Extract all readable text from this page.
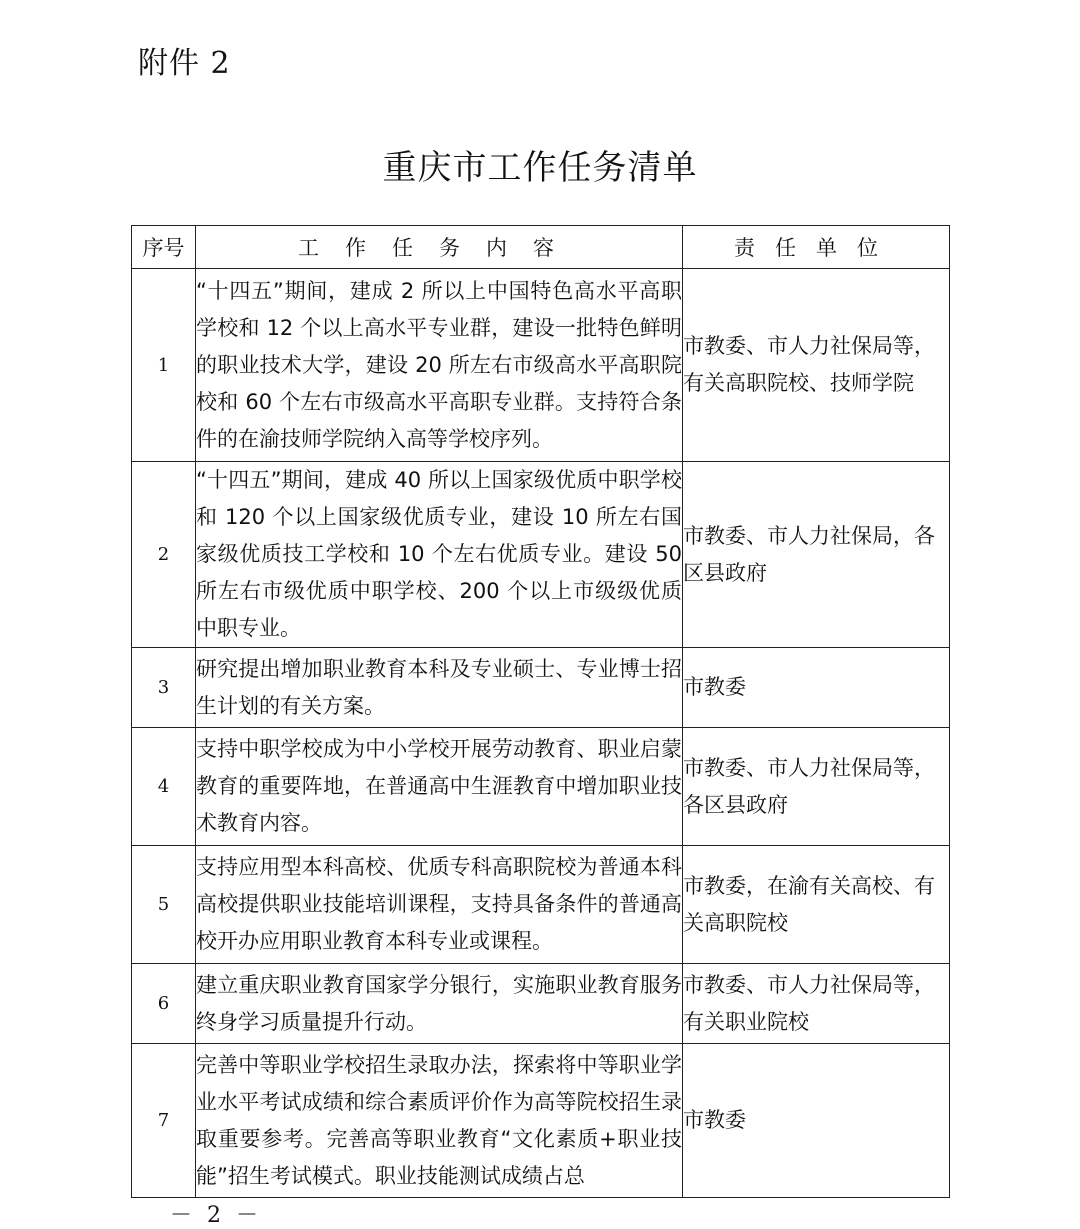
附件 2
重庆市工作任务清单
序号	工作任务内容	责任单位
1	“十四五”期间，建成 2 所以上中国特色高水平高职学校和 12 个以上高水平专业群，建设一批特色鲜明的职业技术大学，建设 20 所左右市级高水平高职院校和 60 个左右市级高水平高职专业群。支持符合条件的在渝技师学院纳入高等学校序列。	市教委、市人力社保局等，有关高职院校、技师学院
2	“十四五”期间，建成 40 所以上国家级优质中职学校和 120 个以上国家级优质专业，建设 10 所左右国家级优质技工学校和 10 个左右优质专业。建设 50 所左右市级优质中职学校、200 个以上市级级优质中职专业。	市教委、市人力社保局，各区县政府
3	研究提出增加职业教育本科及专业硕士、专业博士招生计划的有关方案。	市教委
4	支持中职学校成为中小学校开展劳动教育、职业启蒙教育的重要阵地，在普通高中生涯教育中增加职业技术教育内容。	市教委、市人力社保局等，各区县政府
5	支持应用型本科高校、优质专科高职院校为普通本科高校提供职业技能培训课程，支持具备条件的普通高校开办应用职业教育本科专业或课程。	市教委，在渝有关高校、有关高职院校
6	建立重庆职业教育国家学分银行，实施职业教育服务终身学习质量提升行动。	市教委、市人力社保局等，有关职业院校
7	完善中等职业学校招生录取办法，探索将中等职业学业水平考试成绩和综合素质评价作为高等院校招生录取重要参考。完善高等职业教育“文化素质+职业技能”招生考试模式。职业技能测试成绩占总	市教委
－ 2 －
